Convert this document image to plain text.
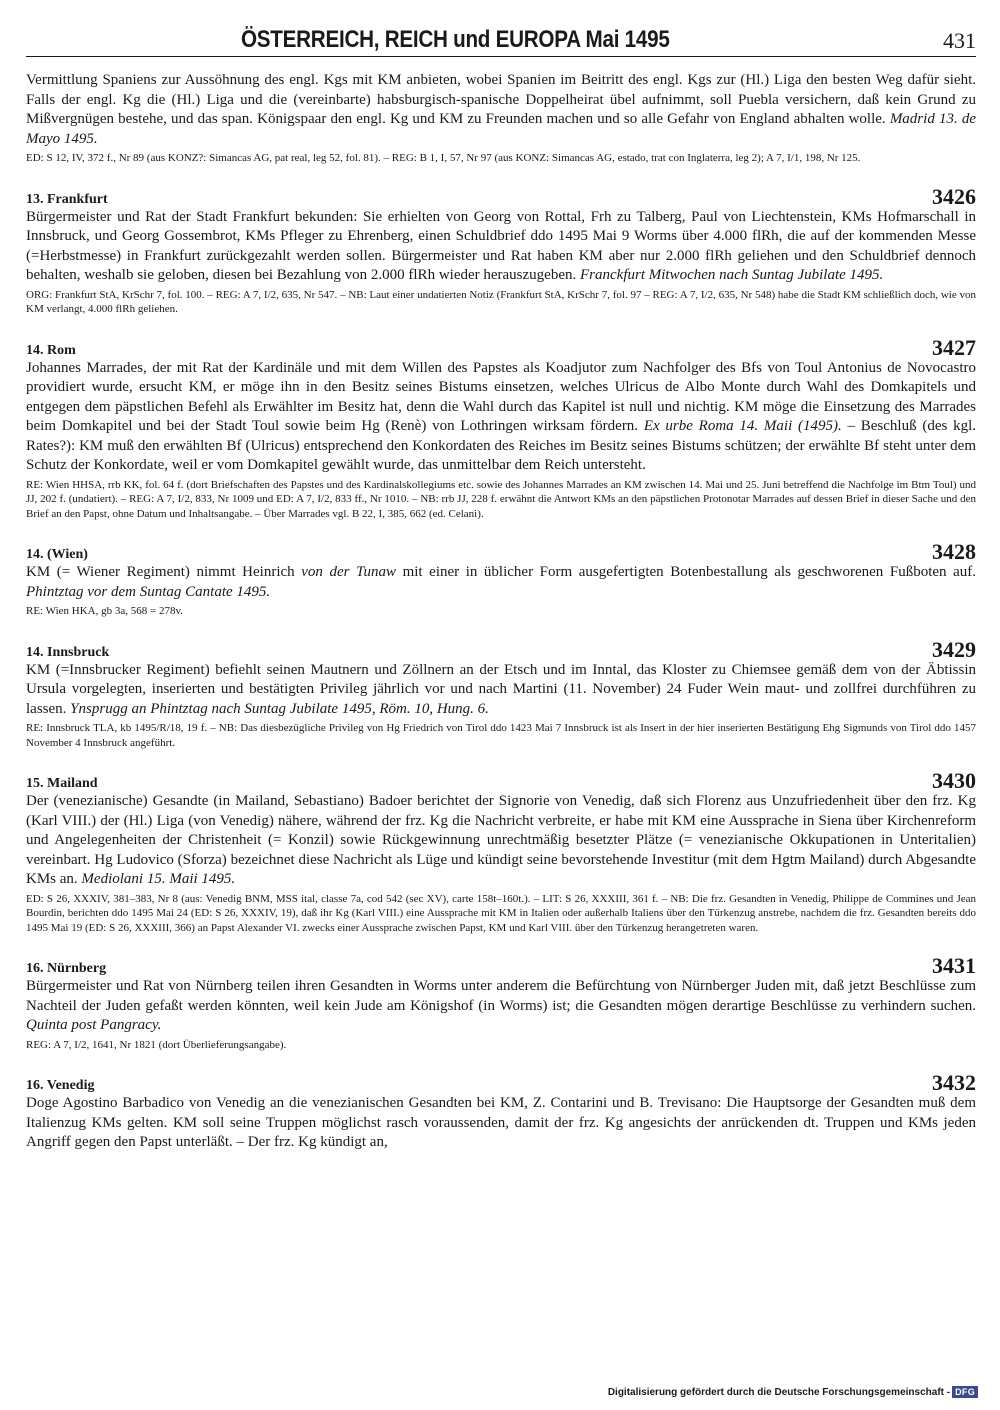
ÖSTERREICH, REICH und EUROPA Mai 1495	431

Vermittlung Spaniens zur Aussöhnung des engl. Kgs mit KM anbieten, wobei Spanien im Beitritt des engl. Kgs zur (Hl.) Liga den besten Weg dafür sieht. Falls der engl. Kg die (Hl.) Liga und die (vereinbarte) habsburgisch-spanische Doppelheirat übel aufnimmt, soll Puebla versichern, daß kein Grund zu Mißvergnügen bestehe, und das span. Königspaar den engl. Kg und KM zu Freunden machen und so alle Gefahr von England abhalten wolle. Madrid 13. de Mayo 1495.

ED: S 12, IV, 372 f., Nr 89 (aus KONZ?: Simancas AG, pat real, leg 52, fol. 81). – REG: B 1, I, 57, Nr 97 (aus KONZ: Simancas AG, estado, trat con Inglaterra, leg 2); A 7, I/1, 198, Nr 125.

13. Frankfurt	3426

Bürgermeister und Rat der Stadt Frankfurt bekunden: Sie erhielten von Georg von Rottal, Frh zu Talberg, Paul von Liechtenstein, KMs Hofmarschall in Innsbruck, und Georg Gossembrot, KMs Pfleger zu Ehrenberg, einen Schuldbrief ddo 1495 Mai 9 Worms über 4.000 flRh, die auf der kommenden Messe (=Herbstmesse) in Frankfurt zurückgezahlt werden sollen. Bürgermeister und Rat haben KM aber nur 2.000 flRh geliehen und den Schuldbrief dennoch behalten, weshalb sie geloben, diesen bei Bezahlung von 2.000 flRh wieder herauszugeben. Franckfurt Mitwochen nach Suntag Jubilate 1495.

ORG: Frankfurt StA, KrSchr 7, fol. 100. – REG: A 7, I/2, 635, Nr 547. – NB: Laut einer undatierten Notiz (Frankfurt StA, KrSchr 7, fol. 97 – REG: A 7, I/2, 635, Nr 548) habe die Stadt KM schließlich doch, wie von KM verlangt, 4.000 flRh geliehen.

14. Rom	3427

Johannes Marrades, der mit Rat der Kardinäle und mit dem Willen des Papstes als Koadjutor zum Nachfolger des Bfs von Toul Antonius de Novocastro providiert wurde, ersucht KM, er möge ihn in den Besitz seines Bistums einsetzen, welches Ulricus de Albo Monte durch Wahl des Domkapitels und entgegen dem päpstlichen Befehl als Erwählter im Besitz hat, denn die Wahl durch das Kapitel ist null und nichtig. KM möge die Einsetzung des Marrades beim Domkapitel und bei der Stadt Toul sowie beim Hg (Renè) von Lothringen wirksam fördern. Ex urbe Roma 14. Maii (1495). – Beschluß (des kgl. Rates?): KM muß den erwählten Bf (Ulricus) entsprechend den Konkordaten des Reiches im Besitz seines Bistums schützen; der erwählte Bf steht unter dem Schutz der Konkordate, weil er vom Domkapitel gewählt wurde, das unmittelbar dem Reich untersteht.

RE: Wien HHSA, rrb KK, fol. 64 f. (dort Briefschaften des Papstes und des Kardinalskollegiums etc. sowie des Johannes Marrades an KM zwischen 14. Mai und 25. Juni betreffend die Nachfolge im Btm Toul) und JJ, 202 f. (undatiert). – REG: A 7, I/2, 833, Nr 1009 und ED: A 7, I/2, 833 ff., Nr 1010. – NB: rrb JJ, 228 f. erwähnt die Antwort KMs an den päpstlichen Protonotar Marrades auf dessen Brief in dieser Sache und den Brief an den Papst, ohne Datum und Inhaltsangabe. – Über Marrades vgl. B 22, I, 385, 662 (ed. Celani).

14. (Wien)	3428

KM (= Wiener Regiment) nimmt Heinrich von der Tunaw mit einer in üblicher Form ausgefertigten Botenbestallung als geschworenen Fußboten auf. Phintztag vor dem Suntag Cantate 1495.

RE: Wien HKA, gb 3a, 568 = 278v.

14. Innsbruck	3429

KM (=Innsbrucker Regiment) befiehlt seinen Mautnern und Zöllnern an der Etsch und im Inntal, das Kloster zu Chiemsee gemäß dem von der Äbtissin Ursula vorgelegten, inserierten und bestätigten Privileg jährlich vor und nach Martini (11. November) 24 Fuder Wein maut- und zollfrei durchführen zu lassen. Ynsprugg an Phintztag nach Suntag Jubilate 1495, Röm. 10, Hung. 6.

RE: Innsbruck TLA, kb 1495/R/18, 19 f. – NB: Das diesbezügliche Privileg von Hg Friedrich von Tirol ddo 1423 Mai 7 Innsbruck ist als Insert in der hier inserierten Bestätigung Ehg Sigmunds von Tirol ddo 1457 November 4 Innsbruck angeführt.

15. Mailand	3430

Der (venezianische) Gesandte (in Mailand, Sebastiano) Badoer berichtet der Signorie von Venedig, daß sich Florenz aus Unzufriedenheit über den frz. Kg (Karl VIII.) der (Hl.) Liga (von Venedig) nähere, während der frz. Kg die Nachricht verbreite, er habe mit KM eine Aussprache in Siena über Kirchenreform und Angelegenheiten der Christenheit (= Konzil) sowie Rückgewinnung unrechtmäßig besetzter Plätze (= venezianische Okkupationen in Unteritalien) vereinbart. Hg Ludovico (Sforza) bezeichnet diese Nachricht als Lüge und kündigt seine bevorstehende Investitur (mit dem Hgtm Mailand) durch Abgesandte KMs an. Mediolani 15. Maii 1495.

ED: S 26, XXXIV, 381–383, Nr 8 (aus: Venedig BNM, MSS ital, classe 7a, cod 542 (sec XV), carte 158t–160t.). – LIT: S 26, XXXIII, 361 f. – NB: Die frz. Gesandten in Venedig, Philippe de Commines und Jean Bourdin, berichten ddo 1495 Mai 24 (ED: S 26, XXXIV, 19), daß ihr Kg (Karl VIII.) eine Aussprache mit KM in Italien oder außerhalb Italiens über den Türkenzug anstrebe, nachdem die frz. Gesandten bereits ddo 1495 Mai 19 (ED: S 26, XXXIII, 366) an Papst Alexander VI. zwecks einer Aussprache zwischen Papst, KM und Karl VIII. über den Türkenzug herangetreten waren.

16. Nürnberg	3431

Bürgermeister und Rat von Nürnberg teilen ihren Gesandten in Worms unter anderem die Befürchtung von Nürnberger Juden mit, daß jetzt Beschlüsse zum Nachteil der Juden gefaßt werden könnten, weil kein Jude am Königshof (in Worms) ist; die Gesandten mögen derartige Beschlüsse zu verhindern suchen. Quinta post Pangracy.

REG: A 7, I/2, 1641, Nr 1821 (dort Überlieferungsangabe).

16. Venedig	3432

Doge Agostino Barbadico von Venedig an die venezianischen Gesandten bei KM, Z. Contarini und B. Trevisano: Die Hauptsorge der Gesandten muß dem Italienzug KMs gelten. KM soll seine Truppen möglichst rasch voraussenden, damit der frz. Kg angesichts der anrückenden dt. Truppen und KMs jeden Angriff gegen den Papst unterläßt. – Der frz. Kg kündigt an,

Digitalisierung gefördert durch die Deutsche Forschungsgemeinschaft - DFG
